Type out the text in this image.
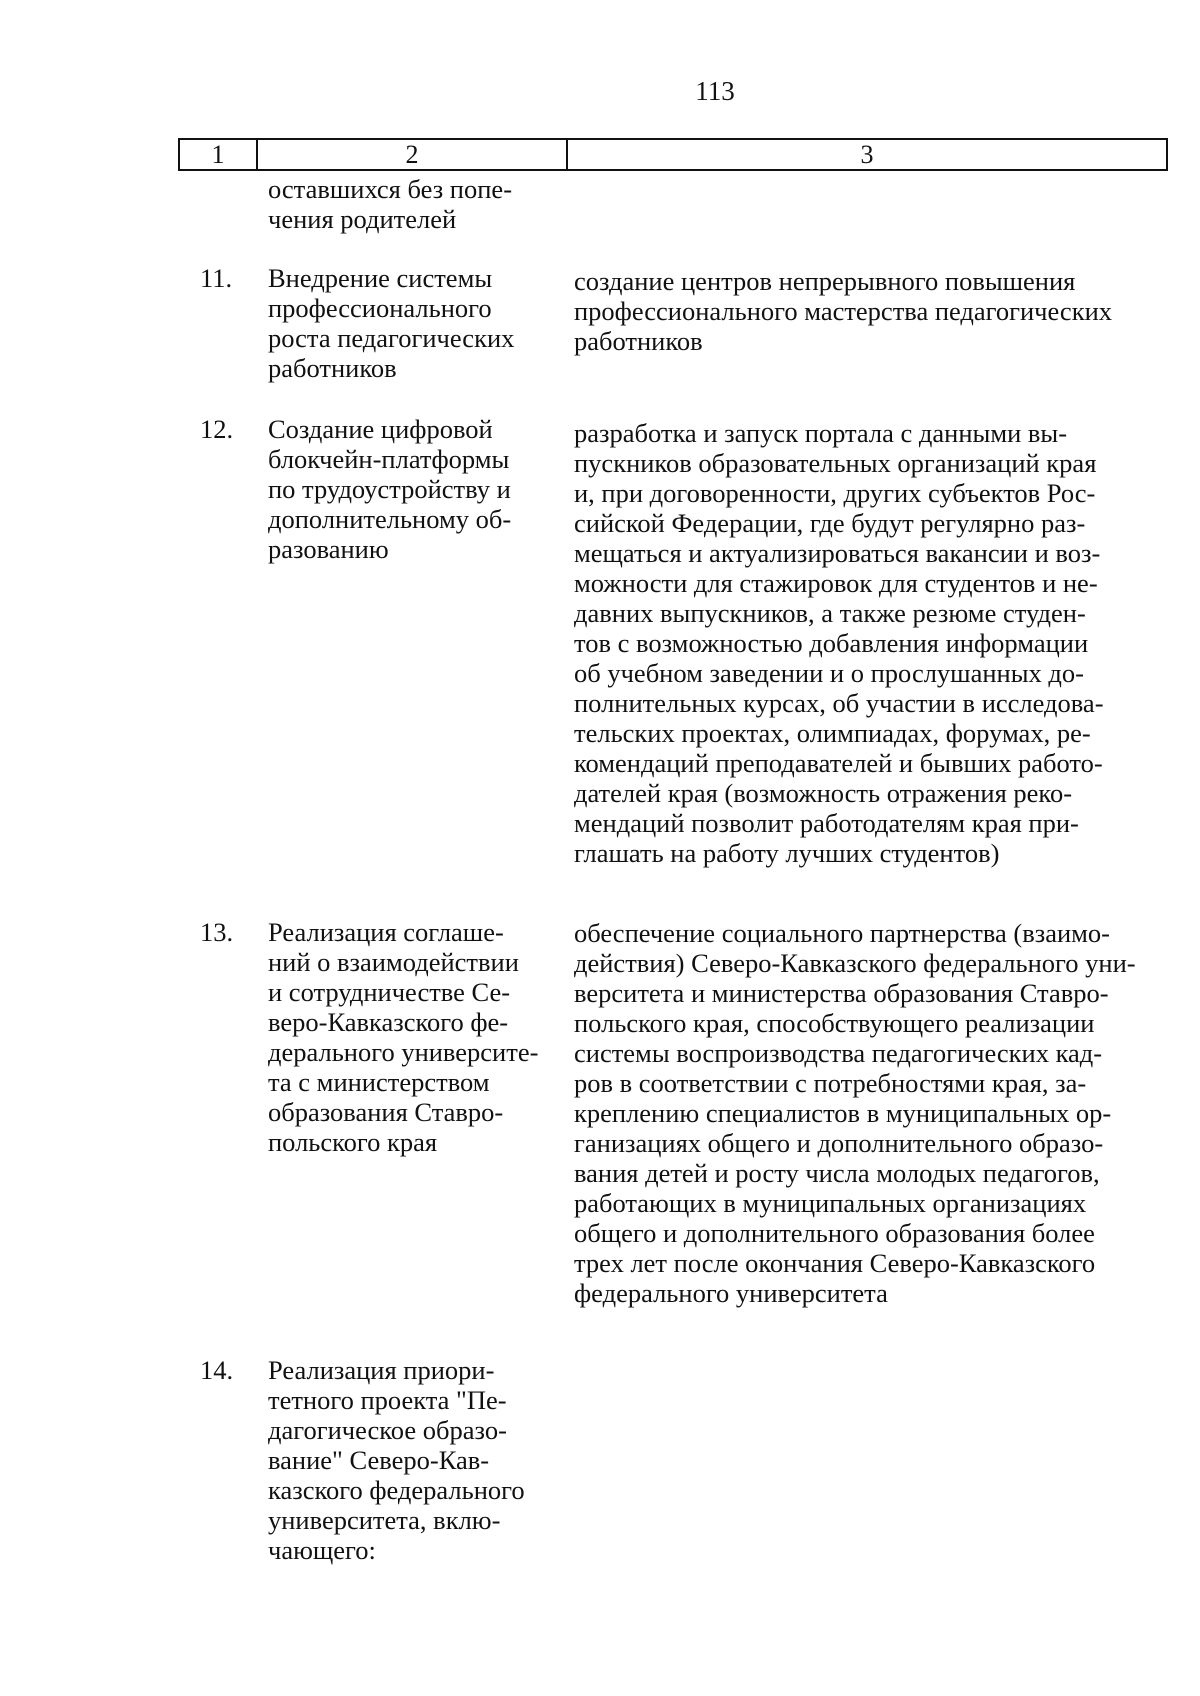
113
1	2	3
оставшихся без попе-
чения родителей
11. Внедрение системы
профессионального
роста педагогических
работников
создание центров непрерывного повышения
профессионального мастерства педагогических
работников
12. Создание цифровой
блокчейн-платформы
по трудоустройству и
дополнительному об-
разованию
разработка и запуск портала с данными вы-
пускников образовательных организаций края
и, при договоренности, других субъектов Рос-
сийской Федерации, где будут регулярно раз-
мещаться и актуализироваться вакансии и воз-
можности для стажировок для студентов и не-
давних выпускников, а также резюме студен-
тов с возможностью добавления информации
об учебном заведении и о прослушанных до-
полнительных курсах, об участии в исследова-
тельских проектах, олимпиадах, форумах, ре-
комендаций преподавателей и бывших работо-
дателей края (возможность отражения реко-
мендаций позволит работодателям края при-
глашать на работу лучших студентов)
13. Реализация соглаше-
ний о взаимодействии
и сотрудничестве Се-
веро-Кавказского фе-
дерального университе-
та с министерством
образования Ставро-
польского края
обеспечение социального партнерства (взаимо-
действия) Северо-Кавказского федерального уни-
верситета и министерства образования Ставро-
польского края, способствующего реализации
системы воспроизводства педагогических кад-
ров в соответствии с потребностями края, за-
креплению специалистов в муниципальных ор-
ганизациях общего и дополнительного образо-
вания детей и росту числа молодых педагогов,
работающих в муниципальных организациях
общего и дополнительного образования более
трех лет после окончания Северо-Кавказского
федерального университета
14. Реализация приори-
тетного проекта "Пе-
дагогическое образо-
вание" Северо-Кав-
казского федерального
университета, вклю-
чающего:
